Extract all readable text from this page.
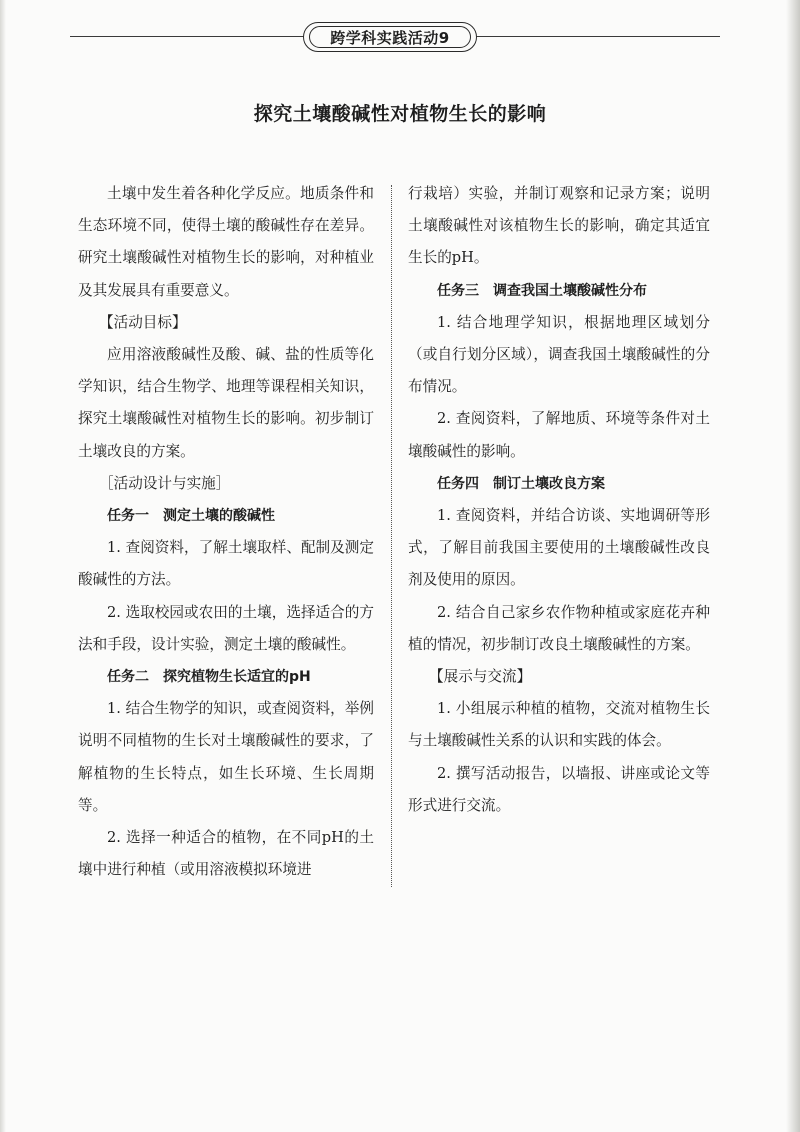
跨学科实践活动9
探究土壤酸碱性对植物生长的影响

土壤中发生着各种化学反应。地质条件和生态环境不同，使得土壤的酸碱性存在差异。研究土壤酸碱性对植物生长的影响，对种植业及其发展具有重要意义。

【活动目标】

应用溶液酸碱性及酸、碱、盐的性质等化学知识，结合生物学、地理等课程相关知识，探究土壤酸碱性对植物生长的影响。初步制订土壤改良的方案。

［活动设计与实施］

任务一　测定土壤的酸碱性

1. 查阅资料，了解土壤取样、配制及测定酸碱性的方法。

2. 选取校园或农田的土壤，选择适合的方法和手段，设计实验，测定土壤的酸碱性。

任务二　探究植物生长适宜的pH

1. 结合生物学的知识，或查阅资料，举例说明不同植物的生长对土壤酸碱性的要求，了解植物的生长特点，如生长环境、生长周期等。

2. 选择一种适合的植物，在不同pH的土壤中进行种植（或用溶液模拟环境进

行栽培）实验，并制订观察和记录方案；说明土壤酸碱性对该植物生长的影响，确定其适宜生长的pH。

任务三　调查我国土壤酸碱性分布

1. 结合地理学知识，根据地理区域划分（或自行划分区域），调查我国土壤酸碱性的分布情况。

2. 查阅资料，了解地质、环境等条件对土壤酸碱性的影响。

任务四　制订土壤改良方案

1. 查阅资料，并结合访谈、实地调研等形式，了解目前我国主要使用的土壤酸碱性改良剂及使用的原因。

2. 结合自己家乡农作物种植或家庭花卉种植的情况，初步制订改良土壤酸碱性的方案。

【展示与交流】

1. 小组展示种植的植物，交流对植物生长与土壤酸碱性关系的认识和实践的体会。

2. 撰写活动报告，以墙报、讲座或论文等形式进行交流。
